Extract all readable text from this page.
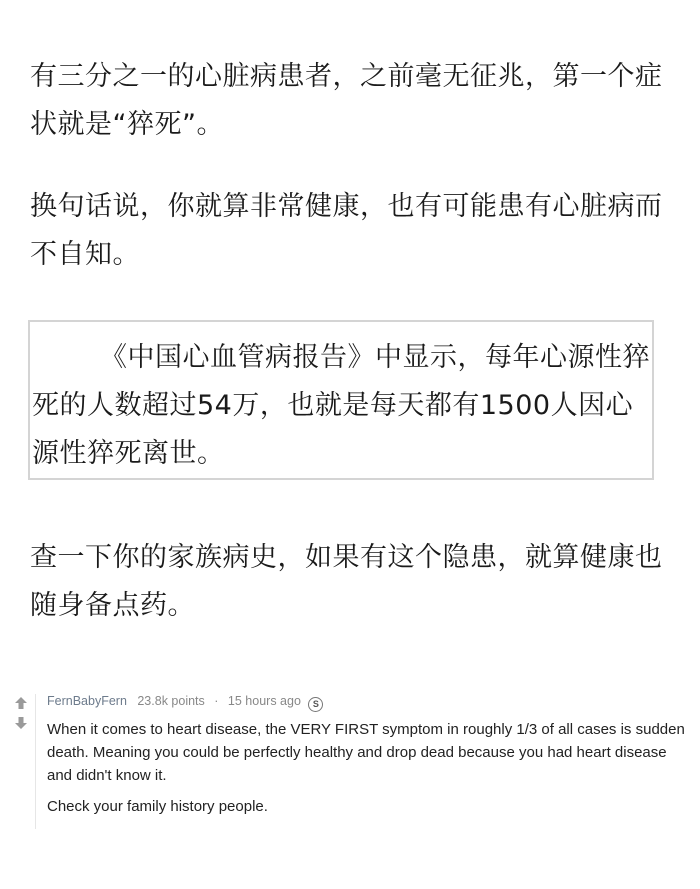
有三分之一的心脏病患者，之前毫无征兆，第一个症状就是“猝死”。

换句话说，你就算非常健康，也有可能患有心脏病而不自知。

《中国心血管病报告》中显示，每年心源性猝死的人数超过54万，也就是每天都有1500人因心源性猝死离世。

查一下你的家族病史，如果有这个隐患，就算健康也随身备点药。

FernBabyFern 23.8k points · 15 hours ago S

When it comes to heart disease, the VERY FIRST symptom in roughly 1/3 of all cases is sudden death. Meaning you could be perfectly healthy and drop dead because you had heart disease and didn't know it.

Check your family history people.
